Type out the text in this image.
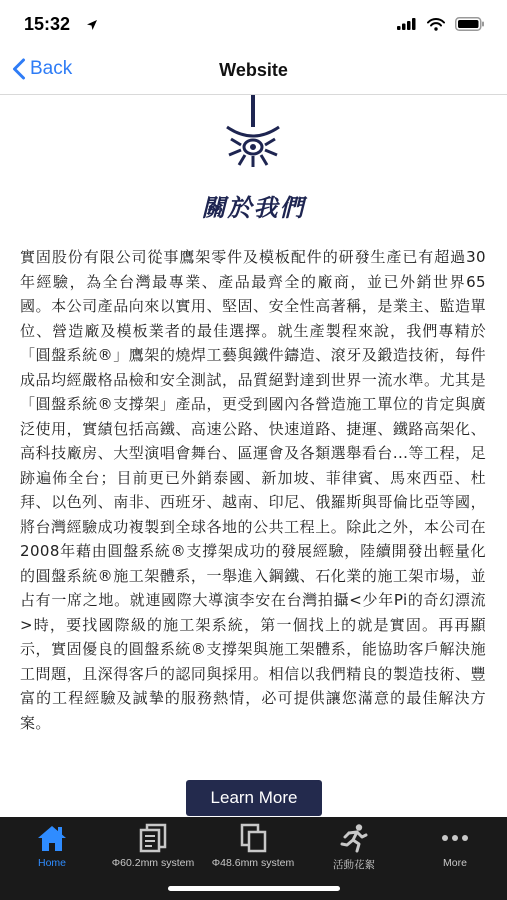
15:32
Back	Website
關於我們
實固股份有限公司從事鷹架零件及模板配件的研發生產已有超過30年經驗，為全台灣最專業、產品最齊全的廠商，並已外銷世界65國。本公司產品向來以實用、堅固、安全性高著稱，是業主、監造單位、營造廠及模板業者的最佳選擇。就生產製程來說，我們專精於「圓盤系統®」鷹架的燒焊工藝與鐵件鑄造、滾牙及鍛造技術，每件成品均經嚴格品檢和安全測試，品質絕對達到世界一流水準。尤其是「圓盤系統®支撐架」產品，更受到國內各營造施工單位的肯定與廣泛使用，實績包括高鐵、高速公路、快速道路、捷運、鐵路高架化、高科技廠房、大型演唱會舞台、區運會及各類選舉看台...等工程，足跡遍佈全台；目前更已外銷泰國、新加坡、菲律賓、馬來西亞、杜拜、以色列、南非、西班牙、越南、印尼、俄羅斯與哥倫比亞等國，將台灣經驗成功複製到全球各地的公共工程上。除此之外，本公司在2008年藉由圓盤系統®支撐架成功的發展經驗，陸續開發出輕量化的圓盤系統®施工架體系，一舉進入鋼鐵、石化業的施工架市場，並占有一席之地。就連國際大導演李安在台灣拍攝<少年Pi的奇幻漂流>時，要找國際級的施工架系統，第一個找上的就是實固。再再顯示，實固優良的圓盤系統®支撐架與施工架體系，能協助客戶解決施工問題，且深得客戶的認同與採用。相信以我們精良的製造技術、豐富的工程經驗及誠摯的服務熱情，必可提供讓您滿意的最佳解決方案。
Learn More
Home	Φ60.2mm system	Φ48.6mm system	活動花絮	More
